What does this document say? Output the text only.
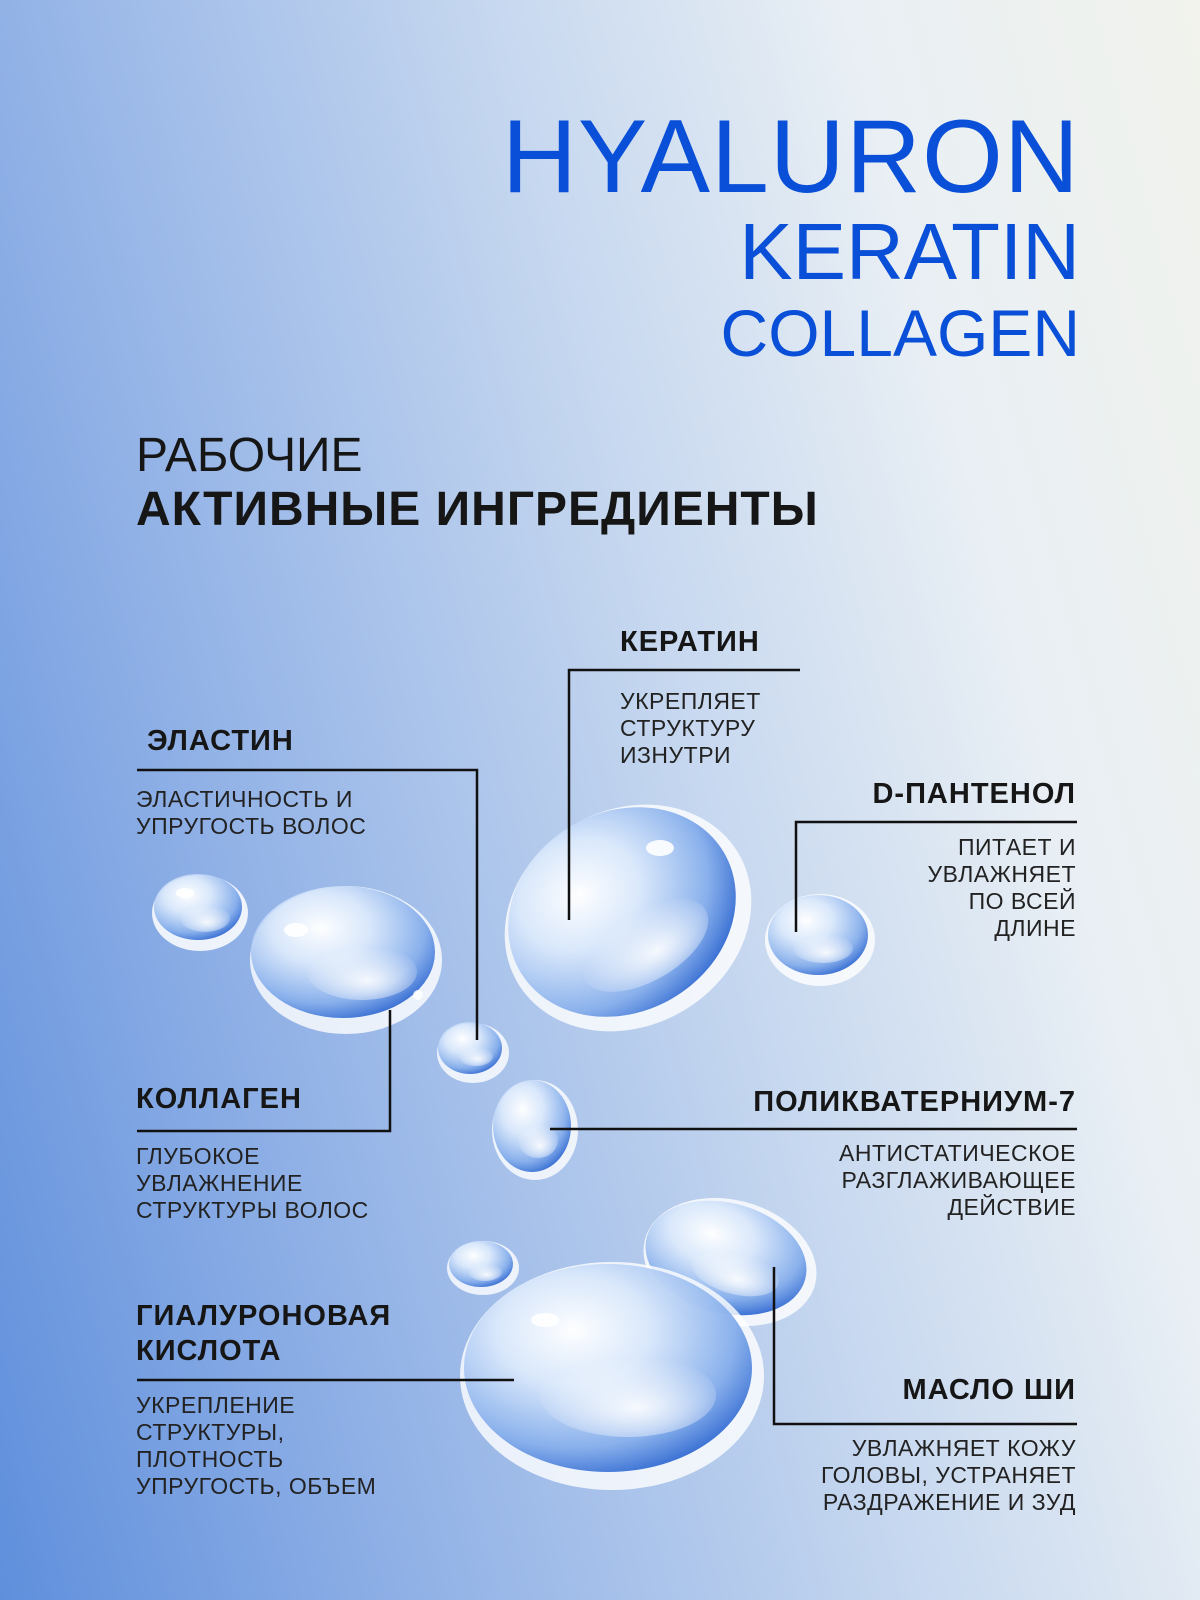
HYALURON
KERATIN
COLLAGEN
РАБОЧИЕ
АКТИВНЫЕ ИНГРЕДИЕНТЫ
КЕРАТИН
УКРЕПЛЯЕТ
СТРУКТУРУ
ИЗНУТРИ
ЭЛАСТИН
ЭЛАСТИЧНОСТЬ И
УПРУГОСТЬ ВОЛОС
D-ПАНТЕНОЛ
ПИТАЕТ И
УВЛАЖНЯЕТ
ПО ВСЕЙ
ДЛИНЕ
КОЛЛАГЕН
ГЛУБОКОЕ
УВЛАЖНЕНИЕ
СТРУКТУРЫ ВОЛОС
ПОЛИКВАТЕРНИУМ-7
АНТИСТАТИЧЕСКОЕ
РАЗГЛАЖИВАЮЩЕЕ
ДЕЙСТВИЕ
ГИАЛУРОНОВАЯ
КИСЛОТА
УКРЕПЛЕНИЕ
СТРУКТУРЫ,
ПЛОТНОСТЬ
УПРУГОСТЬ, ОБЪЕМ
МАСЛО ШИ
УВЛАЖНЯЕТ КОЖУ
ГОЛОВЫ, УСТРАНЯЕТ
РАЗДРАЖЕНИЕ И ЗУД
